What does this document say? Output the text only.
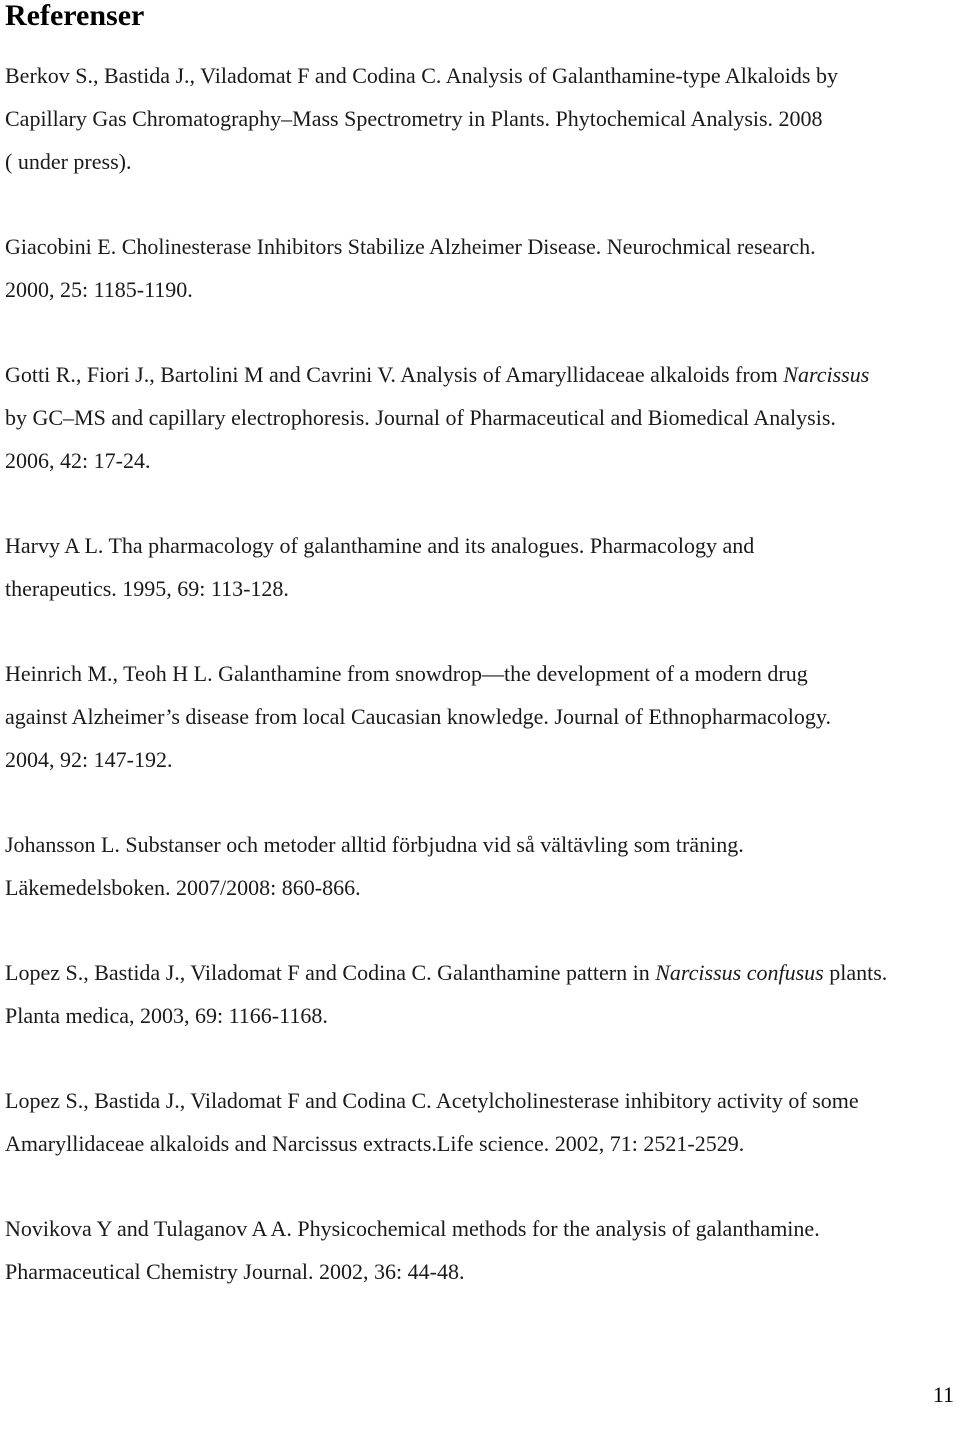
Referenser

Berkov S., Bastida J., Viladomat F and Codina C. Analysis of Galanthamine-type Alkaloids by
Capillary Gas Chromatography–Mass Spectrometry in Plants. Phytochemical Analysis. 2008
( under press).

Giacobini E. Cholinesterase Inhibitors Stabilize Alzheimer Disease. Neurochmical research.
2000, 25: 1185-1190.

Gotti R., Fiori J., Bartolini M and Cavrini V. Analysis of Amaryllidaceae alkaloids from Narcissus
by GC–MS and capillary electrophoresis. Journal of Pharmaceutical and Biomedical Analysis.
2006, 42: 17-24.

Harvy A L. Tha pharmacology of galanthamine and its analogues. Pharmacology and
therapeutics. 1995, 69: 113-128.

Heinrich M., Teoh H L. Galanthamine from snowdrop—the development of a modern drug
against Alzheimer’s disease from local Caucasian knowledge. Journal of Ethnopharmacology.
2004, 92: 147-192.

Johansson L. Substanser och metoder alltid förbjudna vid så vältävling som träning.
Läkemedelsboken. 2007/2008: 860-866.

Lopez S., Bastida J., Viladomat F and Codina C. Galanthamine pattern in Narcissus confusus plants.
Planta medica, 2003, 69: 1166-1168.

Lopez S., Bastida J., Viladomat F and Codina C. Acetylcholinesterase inhibitory activity of some
Amaryllidaceae alkaloids and Narcissus extracts.Life science. 2002, 71: 2521-2529.

Novikova Y and Tulaganov A A. Physicochemical methods for the analysis of galanthamine.
Pharmaceutical Chemistry Journal. 2002, 36: 44-48.

11
